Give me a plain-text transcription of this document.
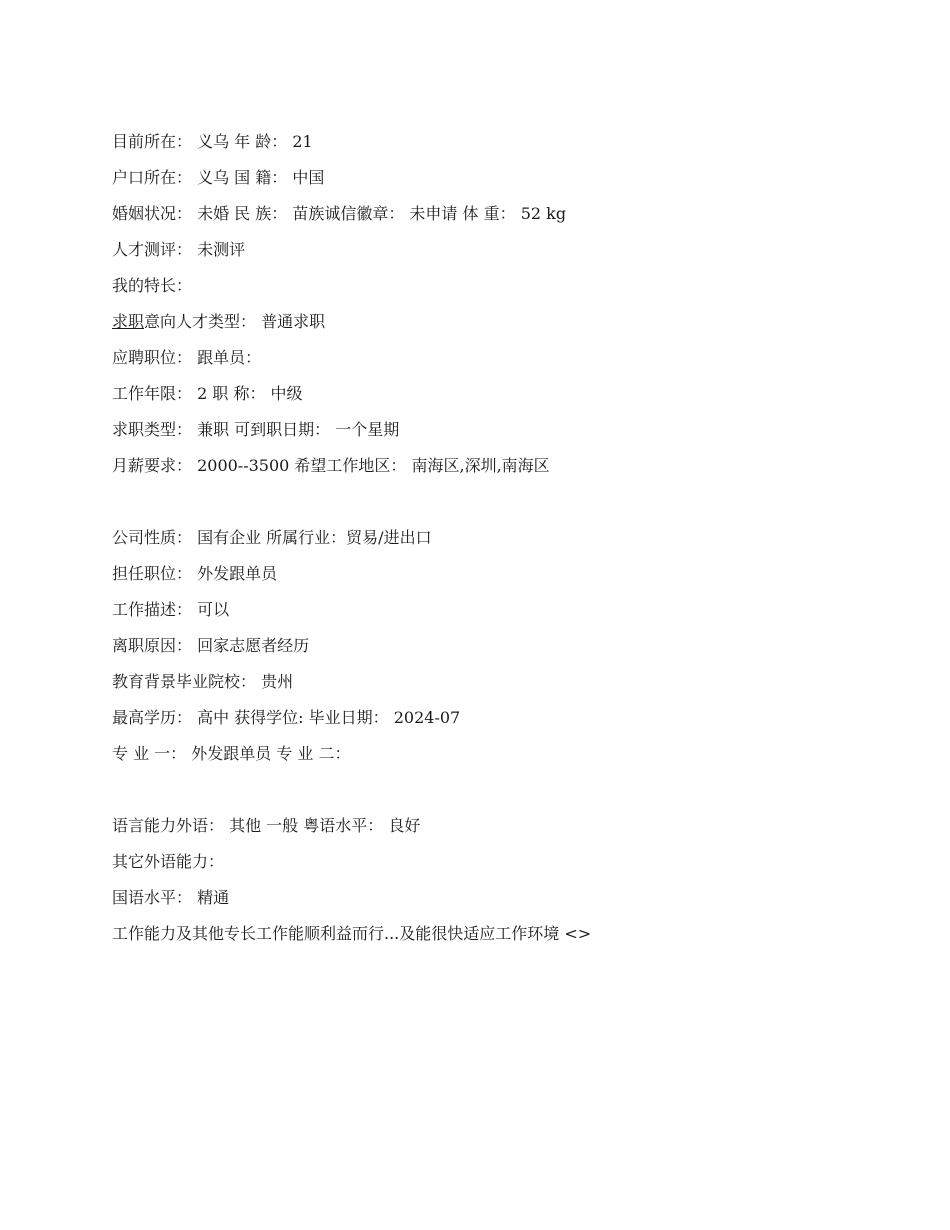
目前所在： 义乌 年 龄： 21
户口所在： 义乌 国 籍： 中国
婚姻状况： 未婚 民 族： 苗族诚信徽章： 未申请 体 重： 52 kg
人才测评： 未测评
我的特长：
求职意向人才类型： 普通求职
应聘职位： 跟单员：
工作年限： 2 职 称： 中级
求职类型： 兼职 可到职日期： 一个星期
月薪要求： 2000--3500 希望工作地区： 南海区,深圳,南海区
公司性质： 国有企业 所属行业：贸易/进出口
担任职位： 外发跟单员
工作描述： 可以
离职原因： 回家志愿者经历
教育背景毕业院校： 贵州
最高学历： 高中 获得学位: 毕业日期： 2024-07
专 业 一： 外发跟单员 专 业 二：
语言能力外语： 其他 一般 粤语水平： 良好
其它外语能力：
国语水平： 精通
工作能力及其他专长工作能顺利益而行...及能很快适应工作环境 <>
